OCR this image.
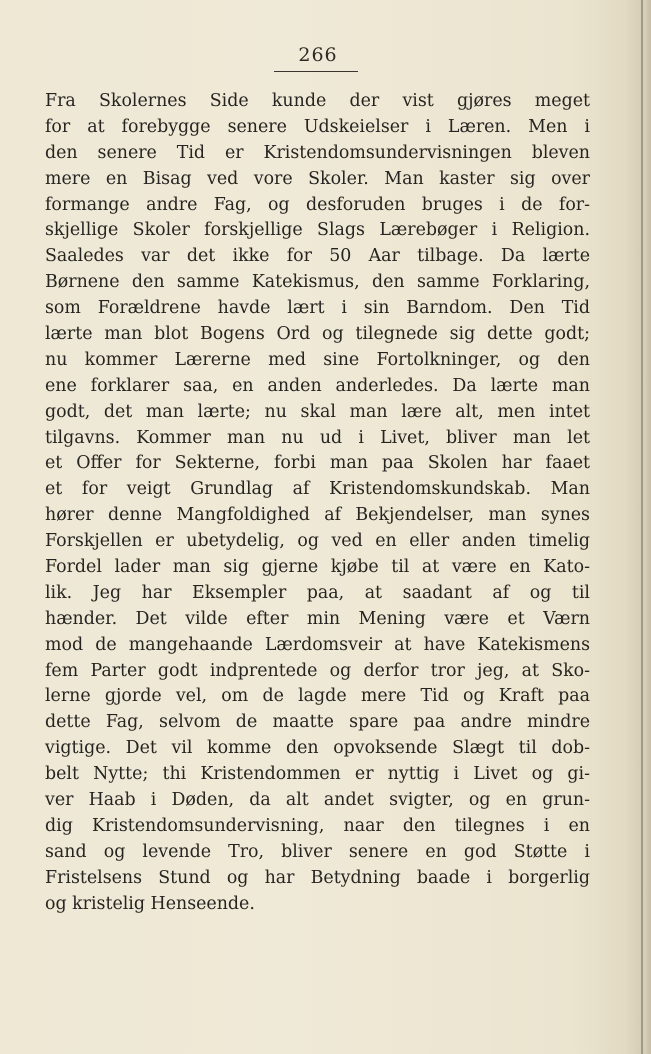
266
Fra Skolernes Side kunde der vist gjøres meget
for at forebygge senere Udskeielser i Læren. Men i
den senere Tid er Kristendomsundervisningen bleven
mere en Bisag ved vore Skoler. Man kaster sig over
formange andre Fag, og desforuden bruges i de for-
skjellige Skoler forskjellige Slags Lærebøger i Religion.
Saaledes var det ikke for 50 Aar tilbage. Da lærte
Børnene den samme Katekismus, den samme Forklaring,
som Forældrene havde lært i sin Barndom. Den Tid
lærte man blot Bogens Ord og tilegnede sig dette godt;
nu kommer Lærerne med sine Fortolkninger, og den
ene forklarer saa, en anden anderledes. Da lærte man
godt, det man lærte; nu skal man lære alt, men intet
tilgavns. Kommer man nu ud i Livet, bliver man let
et Offer for Sekterne, forbi man paa Skolen har faaet
et for veigt Grundlag af Kristendomskundskab. Man
hører denne Mangfoldighed af Bekjendelser, man synes
Forskjellen er ubetydelig, og ved en eller anden timelig
Fordel lader man sig gjerne kjøbe til at være en Kato-
lik. Jeg har Eksempler paa, at saadant af og til
hænder. Det vilde efter min Mening være et Værn
mod de mangehaande Lærdomsveir at have Katekismens
fem Parter godt indprentede og derfor tror jeg, at Sko-
lerne gjorde vel, om de lagde mere Tid og Kraft paa
dette Fag, selvom de maatte spare paa andre mindre
vigtige. Det vil komme den opvoksende Slægt til dob-
belt Nytte; thi Kristendommen er nyttig i Livet og gi-
ver Haab i Døden, da alt andet svigter, og en grun-
dig Kristendomsundervisning, naar den tilegnes i en
sand og levende Tro, bliver senere en god Støtte i
Fristelsens Stund og har Betydning baade i borgerlig
og kristelig Henseende.
